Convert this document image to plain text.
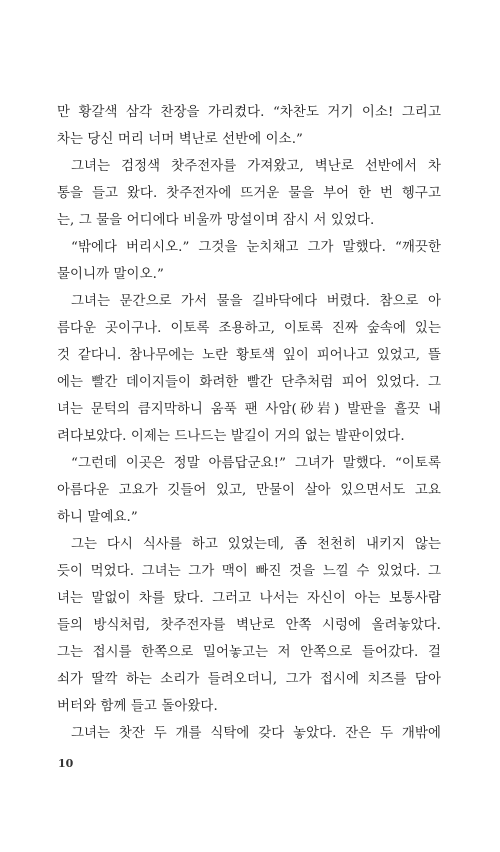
만 황갈색 삼각 찬장을 가리켰다. “차찬도 거기 이소! 그리고
차는 당신 머리 너머 벽난로 선반에 이소.”
그녀는 검정색 찻주전자를 가져왔고, 벽난로 선반에서 차
통을 들고 왔다. 찻주전자에 뜨거운 물을 부어 한 번 헹구고
는, 그 물을 어디에다 비울까 망설이며 잠시 서 있었다.
“밖에다 버리시오.” 그것을 눈치채고 그가 말했다. “깨끗한
물이니까 말이오.”
그녀는 문간으로 가서 물을 길바닥에다 버렸다. 참으로 아
름다운 곳이구나. 이토록 조용하고, 이토록 진짜 숲속에 있는
것 같다니. 참나무에는 노란 황토색 잎이 피어나고 있었고, 뜰
에는 빨간 데이지들이 화려한 빨간 단추처럼 피어 있었다. 그
녀는 문턱의 큼지막하니 움푹 팬 사암(砂岩) 발판을 흘끗 내
려다보았다. 이제는 드나드는 발길이 거의 없는 발판이었다.
“그런데 이곳은 정말 아름답군요!” 그녀가 말했다. “이토록
아름다운 고요가 깃들어 있고, 만물이 살아 있으면서도 고요
하니 말예요.”
그는 다시 식사를 하고 있었는데, 좀 천천히 내키지 않는
듯이 먹었다. 그녀는 그가 맥이 빠진 것을 느낄 수 있었다. 그
녀는 말없이 차를 탔다. 그러고 나서는 자신이 아는 보통사람
들의 방식처럼, 찻주전자를 벽난로 안쪽 시렁에 올려놓았다.
그는 접시를 한쪽으로 밀어놓고는 저 안쪽으로 들어갔다. 걸
쇠가 딸깍 하는 소리가 들려오더니, 그가 접시에 치즈를 담아
버터와 함께 들고 돌아왔다.
그녀는 찻잔 두 개를 식탁에 갖다 놓았다. 잔은 두 개밖에
10
